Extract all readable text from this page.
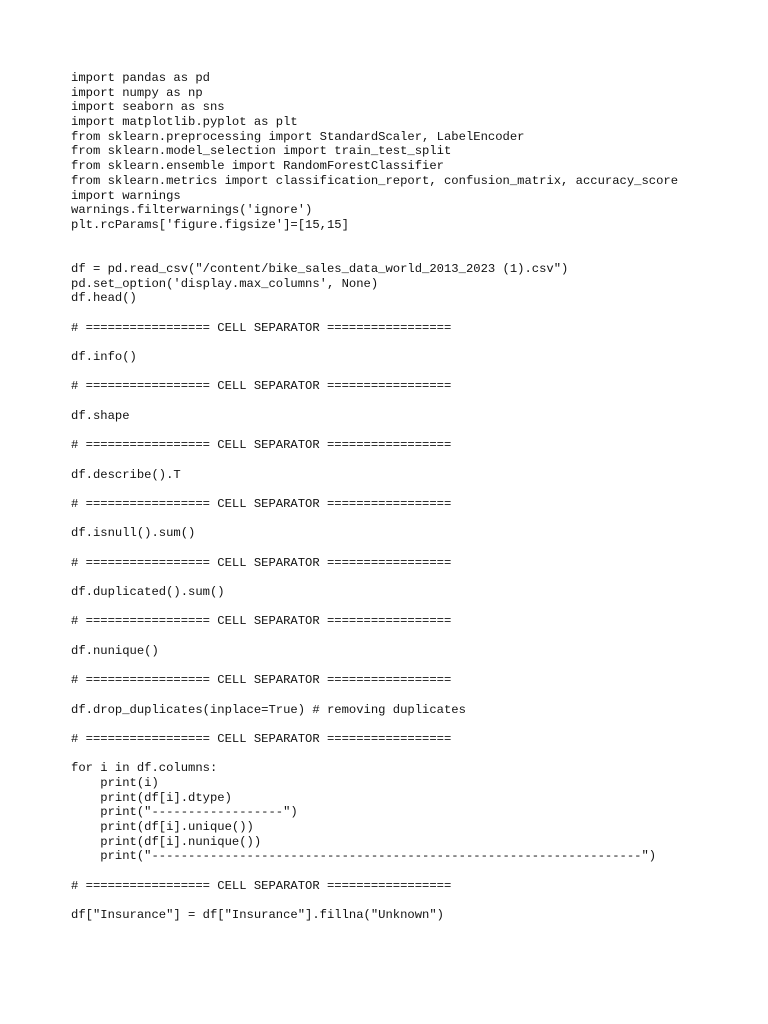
import pandas as pd
import numpy as np
import seaborn as sns
import matplotlib.pyplot as plt
from sklearn.preprocessing import StandardScaler, LabelEncoder
from sklearn.model_selection import train_test_split
from sklearn.ensemble import RandomForestClassifier
from sklearn.metrics import classification_report, confusion_matrix, accuracy_score
import warnings
warnings.filterwarnings('ignore')
plt.rcParams['figure.figsize']=[15,15]
df = pd.read_csv("/content/bike_sales_data_world_2013_2023 (1).csv")
pd.set_option('display.max_columns', None)
df.head()
# ================= CELL SEPARATOR =================
df.info()
# ================= CELL SEPARATOR =================
df.shape
# ================= CELL SEPARATOR =================
df.describe().T
# ================= CELL SEPARATOR =================
df.isnull().sum()
# ================= CELL SEPARATOR =================
df.duplicated().sum()
# ================= CELL SEPARATOR =================
df.nunique()
# ================= CELL SEPARATOR =================
df.drop_duplicates(inplace=True) # removing duplicates
# ================= CELL SEPARATOR =================
for i in df.columns:
print(i)
print(df[i].dtype)
print("------------------")
print(df[i].unique())
print(df[i].nunique())
print("-------------------------------------------------------------------")
# ================= CELL SEPARATOR =================
df["Insurance"] = df["Insurance"].fillna("Unknown")
